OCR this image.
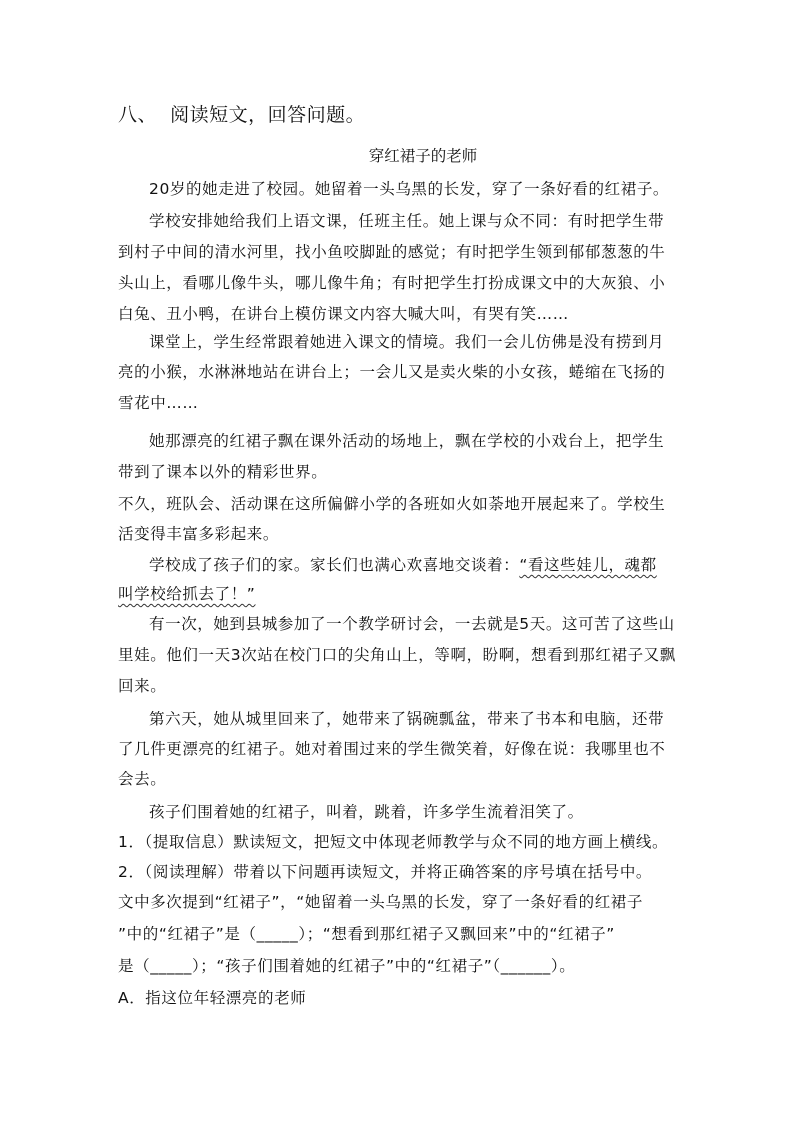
八、  阅读短文，回答问题。
穿红裙子的老师
20岁的她走进了校园。她留着一头乌黑的长发，穿了一条好看的红裙子。
学校安排她给我们上语文课，任班主任。她上课与众不同：有时把学生带
到村子中间的清水河里，找小鱼咬脚趾的感觉；有时把学生领到郁郁葱葱的牛
头山上，看哪儿像牛头，哪儿像牛角；有时把学生打扮成课文中的大灰狼、小
白兔、丑小鸭，在讲台上模仿课文内容大喊大叫，有哭有笑……
课堂上，学生经常跟着她进入课文的情境。我们一会儿仿佛是没有捞到月
亮的小猴，水淋淋地站在讲台上；一会儿又是卖火柴的小女孩，蜷缩在飞扬的
雪花中……
她那漂亮的红裙子飘在课外活动的场地上，飘在学校的小戏台上，把学生
带到了课本以外的精彩世界。
不久，班队会、活动课在这所偏僻小学的各班如火如荼地开展起来了。学校生
活变得丰富多彩起来。
学校成了孩子们的家。家长们也满心欢喜地交谈着：“看这些娃儿，魂都
叫学校给抓去了！”
有一次，她到县城参加了一个教学研讨会，一去就是5天。这可苦了这些山
里娃。他们一天3次站在校门口的尖角山上，等啊，盼啊，想看到那红裙子又飘
回来。
第六天，她从城里回来了，她带来了锅碗瓢盆，带来了书本和电脑，还带
了几件更漂亮的红裙子。她对着围过来的学生微笑着，好像在说：我哪里也不
会去。
孩子们围着她的红裙子，叫着，跳着，许多学生流着泪笑了。
1．（提取信息）默读短文，把短文中体现老师教学与众不同的地方画上横线。
2．（阅读理解）带着以下问题再读短文，并将正确答案的序号填在括号中。
文中多次提到“红裙子”，“她留着一头乌黑的长发，穿了一条好看的红裙子
”中的“红裙子”是（_____）；“想看到那红裙子又飘回来”中的“红裙子”
是（_____）；“孩子们围着她的红裙子”中的“红裙子”（______）。
A．指这位年轻漂亮的老师
